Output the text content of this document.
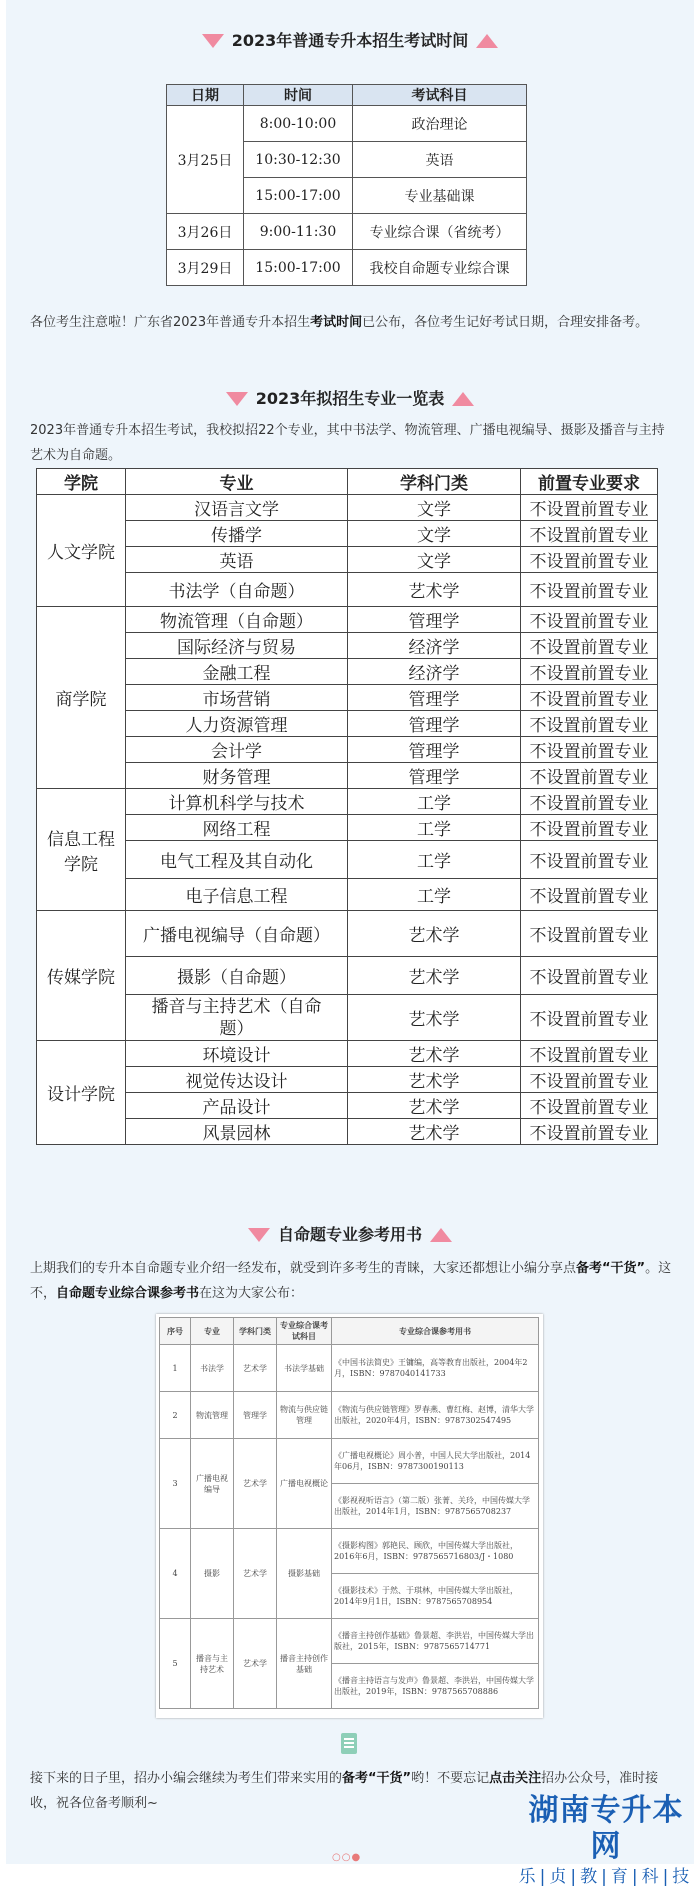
2023年普通专升本招生考试时间
日期	时间	考试科目
3月25日	8:00-10:00	政治理论
	10:30-12:30	英语
	15:00-17:00	专业基础课
3月26日	9:00-11:30	专业综合课（省统考）
3月29日	15:00-17:00	我校自命题专业综合课
各位考生注意啦！广东省2023年普通专升本招生考试时间已公布，各位考生记好考试日期，合理安排备考。
2023年拟招生专业一览表
2023年普通专升本招生考试，我校拟招22个专业，其中书法学、物流管理、广播电视编导、摄影及播音与主持艺术为自命题。
学院	专业	学科门类	前置专业要求
人文学院	汉语言文学	文学	不设置前置专业
	传播学	文学	不设置前置专业
	英语	文学	不设置前置专业
	书法学（自命题）	艺术学	不设置前置专业
商学院	物流管理（自命题）	管理学	不设置前置专业
	国际经济与贸易	经济学	不设置前置专业
	金融工程	经济学	不设置前置专业
	市场营销	管理学	不设置前置专业
	人力资源管理	管理学	不设置前置专业
	会计学	管理学	不设置前置专业
	财务管理	管理学	不设置前置专业
信息工程学院	计算机科学与技术	工学	不设置前置专业
	网络工程	工学	不设置前置专业
	电气工程及其自动化	工学	不设置前置专业
	电子信息工程	工学	不设置前置专业
传媒学院	广播电视编导（自命题）	艺术学	不设置前置专业
	摄影（自命题）	艺术学	不设置前置专业
	播音与主持艺术（自命题）	艺术学	不设置前置专业
设计学院	环境设计	艺术学	不设置前置专业
	视觉传达设计	艺术学	不设置前置专业
	产品设计	艺术学	不设置前置专业
	风景园林	艺术学	不设置前置专业
自命题专业参考用书
上期我们的专升本自命题专业介绍一经发布，就受到许多考生的青睐，大家还都想让小编分享点备考“干货”。这不，自命题专业综合课参考书在这为大家公布：
序号	专业	学科门类	专业综合课考试科目	专业综合课参考用书
1	书法学	艺术学	书法学基础	《中国书法简史》王镛编，高等教育出版社，2004年2月，ISBN：9787040141733
2	物流管理	管理学	物流与供应链管理	《物流与供应链管理》罗春燕、曹红梅、赵博，清华大学出版社，2020年4月，ISBN：9787302547495
3	广播电视编导	艺术学	广播电视概论	《广播电视概论》周小普，中国人民大学出版社，2014年06月，ISBN：9787300190113
				《影视视听语言》（第二版）张菁、关玲，中国传媒大学出版社，2014年1月，ISBN：9787565708237
4	摄影	艺术学	摄影基础	《摄影构图》郭艳民、顾欣，中国传媒大学出版社，2016年6月，ISBN：9787565716803/J・1080
				《摄影技术》于然、于琪林，中国传媒大学出版社，2014年9月1日，ISBN：9787565708954
5	播音与主持艺术	艺术学	播音主持创作基础	《播音主持创作基础》鲁景超、李洪岩，中国传媒大学出版社，2015年，ISBN：9787565714771
				《播音主持语言与发声》鲁景超、李洪岩，中国传媒大学出版社，2019年，ISBN：9787565708886
接下来的日子里，招办小编会继续为考生们带来实用的备考“干货”哟！不要忘记点击关注招办公众号，准时接收，祝各位备考顺利~	湖南专升本网
乐|贞|教|育|科|技
○○●
